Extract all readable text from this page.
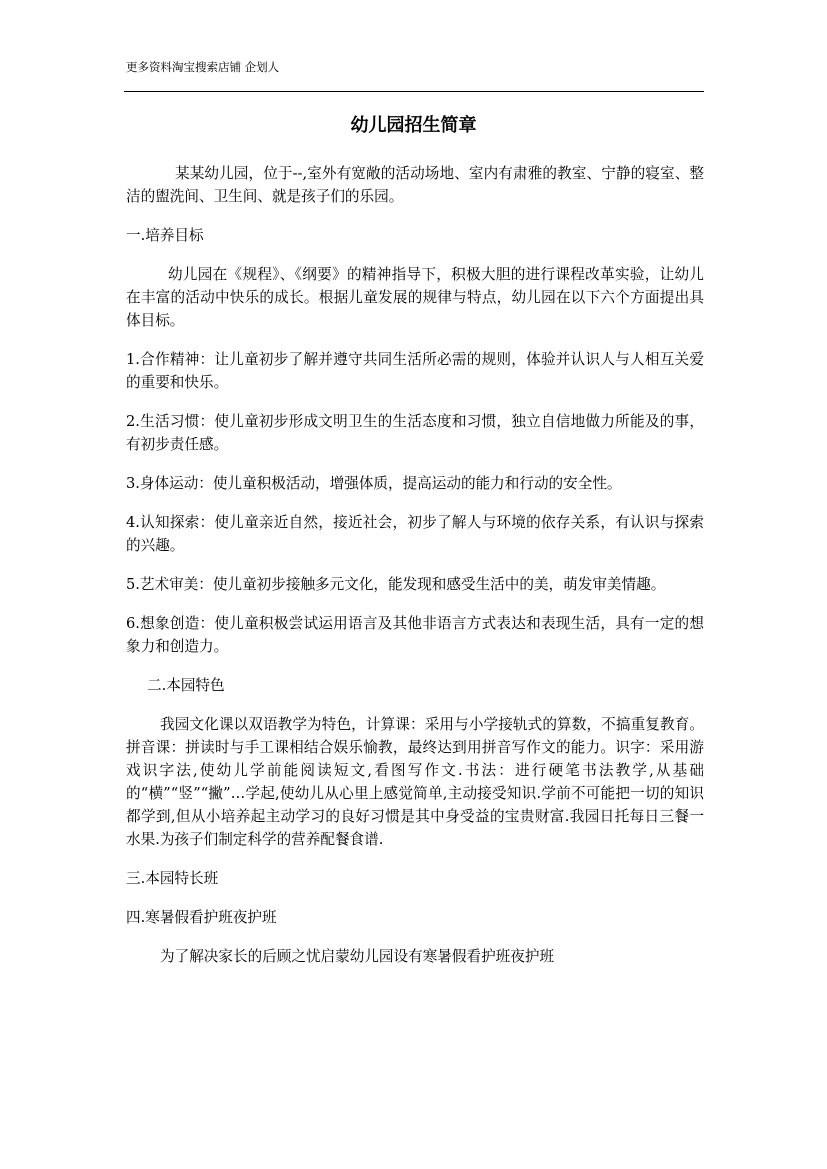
更多资料淘宝搜索店铺 企划人
幼儿园招生简章

某某幼儿园，位于--,室外有宽敞的活动场地、室内有肃雅的教室、宁静的寝室、整洁的盥洗间、卫生间、就是孩子们的乐园。

一.培养目标

幼儿园在《规程》、《纲要》的精神指导下，积极大胆的进行课程改革实验，让幼儿在丰富的活动中快乐的成长。根据儿童发展的规律与特点，幼儿园在以下六个方面提出具体目标。

1.合作精神：让儿童初步了解并遵守共同生活所必需的规则，体验并认识人与人相互关爱的重要和快乐。

2.生活习惯：使儿童初步形成文明卫生的生活态度和习惯，独立自信地做力所能及的事，有初步责任感。

3.身体运动：使儿童积极活动，增强体质，提高运动的能力和行动的安全性。

4.认知探索：使儿童亲近自然，接近社会，初步了解人与环境的依存关系，有认识与探索的兴趣。

5.艺术审美：使儿童初步接触多元文化，能发现和感受生活中的美，萌发审美情趣。

6.想象创造：使儿童积极尝试运用语言及其他非语言方式表达和表现生活，具有一定的想象力和创造力。

二.本园特色

我园文化课以双语教学为特色，计算课：采用与小学接轨式的算数，不搞重复教育。拼音课：拼读时与手工课相结合娱乐愉教，最终达到用拼音写作文的能力。识字：采用游戏识字法,使幼儿学前能阅读短文,看图写作文.书法：进行硬笔书法教学,从基础的“横”“竖”“撇”…学起,使幼儿从心里上感觉简单,主动接受知识.学前不可能把一切的知识都学到,但从小培养起主动学习的良好习惯是其中身受益的宝贵财富.我园日托每日三餐一水果.为孩子们制定科学的营养配餐食谱.

三.本园特长班

四.寒暑假看护班夜护班

为了解决家长的后顾之忧启蒙幼儿园设有寒暑假看护班夜护班
